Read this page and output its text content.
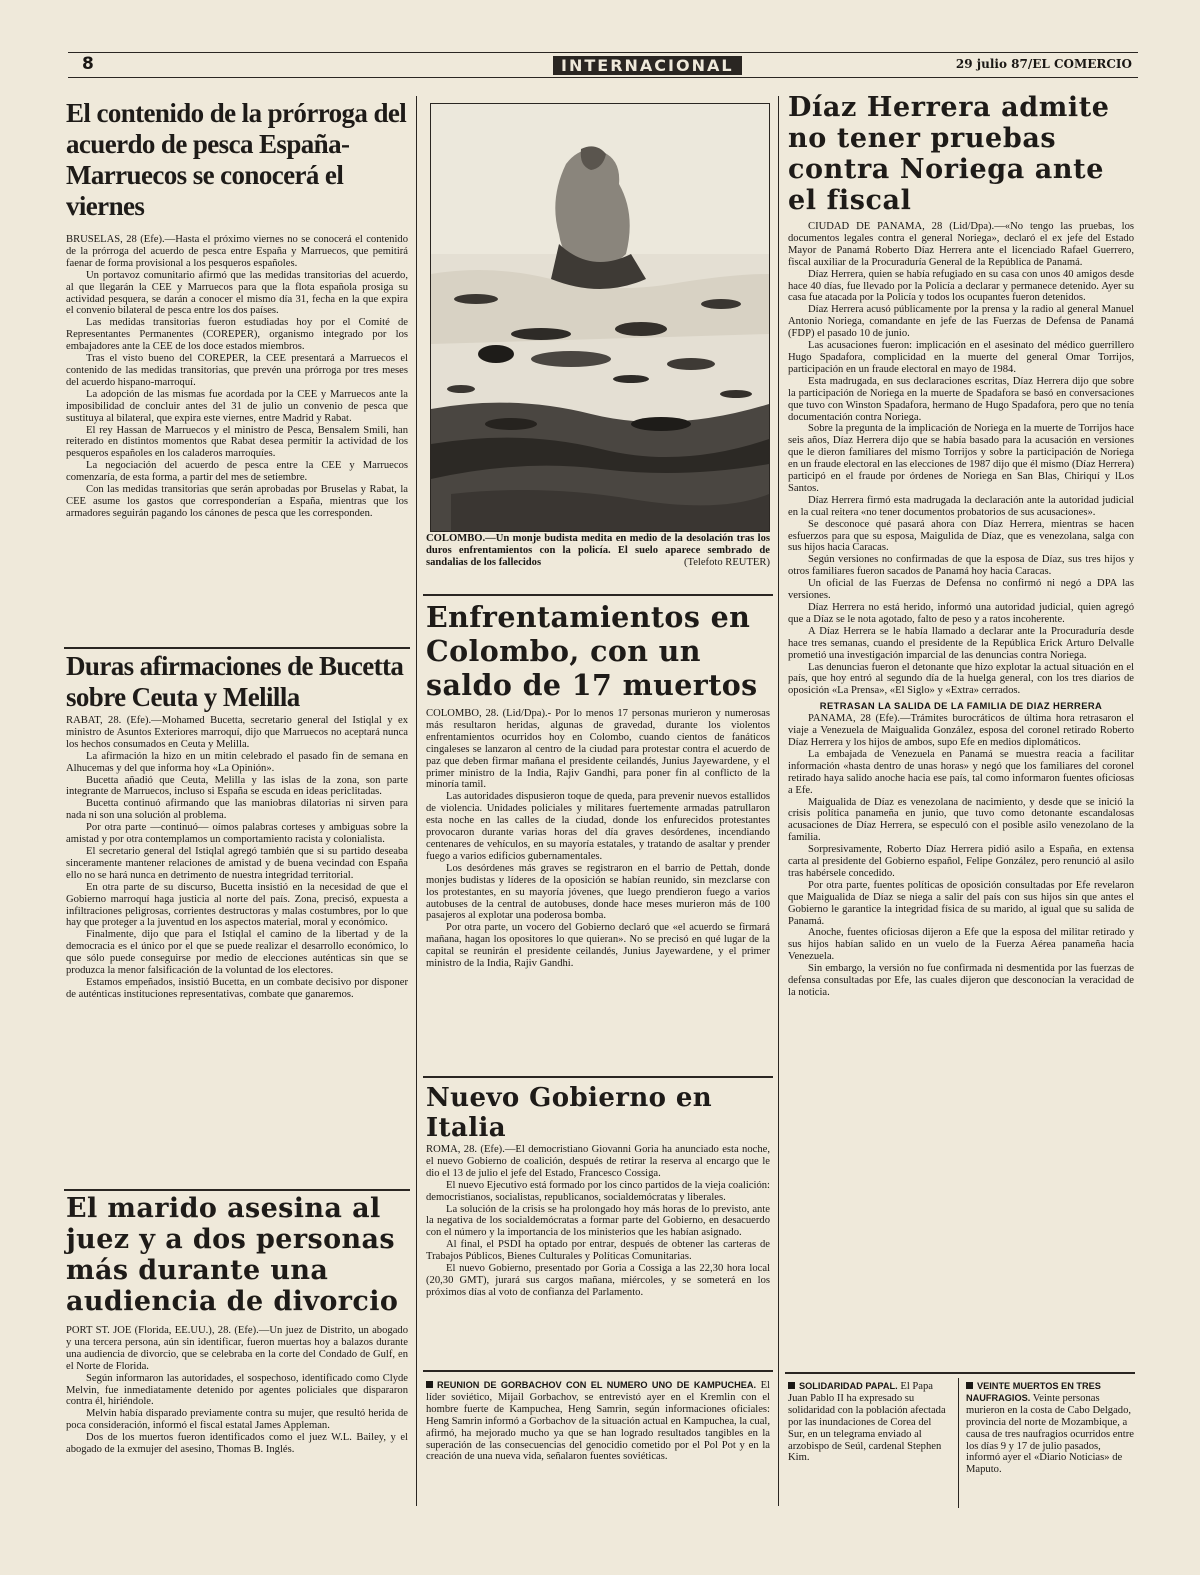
8	INTERNACIONAL	29 julio 87/EL COMERCIO
El contenido de la prórroga del acuerdo de pesca España-Marruecos se conocerá el viernes

BRUSELAS, 28 (Efe).—Hasta el próximo viernes no se conocerá el contenido de la prórroga del acuerdo de pesca entre España y Marruecos, que pemitirá faenar de forma provisional a los pesqueros españoles.

Un portavoz comunitario afirmó que las medidas transitorias del acuerdo, al que llegarán la CEE y Marruecos para que la flota española prosiga su actividad pesquera, se darán a conocer el mismo día 31, fecha en la que expira el convenio bilateral de pesca entre los dos países.

Las medidas transitorias fueron estudiadas hoy por el Comité de Representantes Permanentes (COREPER), organismo integrado por los embajadores ante la CEE de los doce estados miembros.

Tras el visto bueno del COREPER, la CEE presentará a Marruecos el contenido de las medidas transitorias, que prevén una prórroga por tres meses del acuerdo hispano-marroquí.

La adopción de las mismas fue acordada por la CEE y Marruecos ante la imposibilidad de concluir antes del 31 de julio un convenio de pesca que sustituya al bilateral, que expira este viernes, entre Madrid y Rabat.

El rey Hassan de Marruecos y el ministro de Pesca, Bensalem Smili, han reiterado en distintos momentos que Rabat desea permitir la actividad de los pesqueros españoles en los caladeros marroquíes.

La negociación del acuerdo de pesca entre la CEE y Marruecos comenzaría, de esta forma, a partir del mes de setiembre.

Con las medidas transitorias que serán aprobadas por Bruselas y Rabat, la CEE asume los gastos que corresponderían a España, mientras que los armadores seguirán pagando los cánones de pesca que les corresponden.

Duras afirmaciones de Bucetta sobre Ceuta y Melilla

RABAT, 28. (Efe).—Mohamed Bucetta, secretario general del Istiqlal y ex ministro de Asuntos Exteriores marroquí, dijo que Marruecos no aceptará nunca los hechos consumados en Ceuta y Melilla.

La afirmación la hizo en un mitin celebrado el pasado fin de semana en Alhucemas y del que informa hoy «La Opinión».

Bucetta añadió que Ceuta, Melilla y las islas de la zona, son parte integrante de Marruecos, incluso si España se escuda en ideas periclitadas.

Bucetta continuó afirmando que las maniobras dilatorias ni sirven para nada ni son una solución al problema.

Por otra parte —continuó— oímos palabras corteses y ambiguas sobre la amistad y por otra contemplamos un comportamiento racista y colonialista.

El secretario general del Istiqlal agregó también que si su partido deseaba sinceramente mantener relaciones de amistad y de buena vecindad con España ello no se hará nunca en detrimento de nuestra integridad territorial.

En otra parte de su discurso, Bucetta insistió en la necesidad de que el Gobierno marroquí haga justicia al norte del país. Zona, precisó, expuesta a infiltraciones peligrosas, corrientes destructoras y malas costumbres, por lo que hay que proteger a la juventud en los aspectos material, moral y económico.

Finalmente, dijo que para el Istiqlal el camino de la libertad y de la democracia es el único por el que se puede realizar el desarrollo económico, lo que sólo puede conseguirse por medio de elecciones auténticas sin que se produzca la menor falsificación de la voluntad de los electores.

Estamos empeñados, insistió Bucetta, en un combate decisivo por disponer de auténticas instituciones representativas, combate que ganaremos.

El marido asesina al juez y a dos personas más durante una audiencia de divorcio

PORT ST. JOE (Florida, EE.UU.), 28. (Efe).—Un juez de Distrito, un abogado y una tercera persona, aún sin identificar, fueron muertas hoy a balazos durante una audiencia de divorcio, que se celebraba en la corte del Condado de Gulf, en el Norte de Florida.

Según informaron las autoridades, el sospechoso, identificado como Clyde Melvin, fue inmediatamente detenido por agentes policiales que dispararon contra él, hiriéndole.

Melvin había disparado previamente contra su mujer, que resultó herida de poca consideración, informó el fiscal estatal James Appleman.

Dos de los muertos fueron identificados como el juez W.L. Bailey, y el abogado de la exmujer del asesino, Thomas B. Inglés.

COLOMBO.—Un monje budista medita en medio de la desolación tras los duros enfrentamientos con la policía. El suelo aparece sembrado de sandalias de los fallecidos	(Telefoto REUTER)
Enfrentamientos en Colombo, con un saldo de 17 muertos

COLOMBO, 28. (Lid/Dpa).- Por lo menos 17 personas murieron y numerosas más resultaron heridas, algunas de gravedad, durante los violentos enfrentamientos ocurridos hoy en Colombo, cuando cientos de fanáticos cingaleses se lanzaron al centro de la ciudad para protestar contra el acuerdo de paz que deben firmar mañana el presidente ceilandés, Junius Jayewardene, y el primer ministro de la India, Rajiv Gandhi, para poner fin al conflicto de la minoría tamil.

Las autoridades dispusieron toque de queda, para prevenir nuevos estallidos de violencia. Unidades policiales y militares fuertemente armadas patrullaron esta noche en las calles de la ciudad, donde los enfurecidos protestantes provocaron durante varias horas del día graves desórdenes, incendiando centenares de vehículos, en su mayoría estatales, y tratando de asaltar y prender fuego a varios edificios gubernamentales.

Los desórdenes más graves se registraron en el barrio de Pettah, donde monjes budistas y líderes de la oposición se habían reunido, sin mezclarse con los protestantes, en su mayoría jóvenes, que luego prendieron fuego a varios autobuses de la central de autobuses, donde hace meses murieron más de 100 pasajeros al explotar una poderosa bomba.

Por otra parte, un vocero del Gobierno declaró que «el acuerdo se firmará mañana, hagan los opositores lo que quieran». No se precisó en qué lugar de la capital se reunirán el presidente ceilandés, Junius Jayewardene, y el primer ministro de la India, Rajiv Gandhi.

Nuevo Gobierno en Italia

ROMA, 28. (Efe).—El democristiano Giovanni Goria ha anunciado esta noche, el nuevo Gobierno de coalición, después de retirar la reserva al encargo que le dio el 13 de julio el jefe del Estado, Francesco Cossiga.

El nuevo Ejecutivo está formado por los cinco partidos de la vieja coalición: democristianos, socialistas, republicanos, socialdemócratas y liberales.

La solución de la crisis se ha prolongado hoy más horas de lo previsto, ante la negativa de los socialdemócratas a formar parte del Gobierno, en desacuerdo con el número y la importancia de los ministerios que les habían asignado.

Al final, el PSDI ha optado por entrar, después de obtener las carteras de Trabajos Públicos, Bienes Culturales y Políticas Comunitarias.

El nuevo Gobierno, presentado por Goria a Cossiga a las 22,30 hora local (20,30 GMT), jurará sus cargos mañana, miércoles, y se someterá en los próximos días al voto de confianza del Parlamento.

REUNION DE GORBACHOV CON EL NUMERO UNO DE KAMPUCHEA. El líder soviético, Mijail Gorbachov, se entrevistó ayer en el Kremlin con el hombre fuerte de Kampuchea, Heng Samrin, según informaciones oficiales: Heng Samrin informó a Gorbachov de la situación actual en Kampuchea, la cual, afirmó, ha mejorado mucho ya que se han logrado resultados tangibles en la superación de las consecuencias del genocidio cometido por el Pol Pot y en la creación de una nueva vida, señalaron fuentes soviéticas.
Díaz Herrera admite no tener pruebas contra Noriega ante el fiscal

CIUDAD DE PANAMA, 28 (Lid/Dpa).—«No tengo las pruebas, los documentos legales contra el general Noriega», declaró el ex jefe del Estado Mayor de Panamá Roberto Díaz Herrera ante el licenciado Rafael Guerrero, fiscal auxiliar de la Procuraduría General de la República de Panamá.

Díaz Herrera, quien se había refugiado en su casa con unos 40 amigos desde hace 40 días, fue llevado por la Policía a declarar y permanece detenido. Ayer su casa fue atacada por la Policía y todos los ocupantes fueron detenidos.

Díaz Herrera acusó públicamente por la prensa y la radio al general Manuel Antonio Noriega, comandante en jefe de las Fuerzas de Defensa de Panamá (FDP) el pasado 10 de junio.

Las acusaciones fueron: implicación en el asesinato del médico guerrillero Hugo Spadafora, complicidad en la muerte del general Omar Torrijos, participación en un fraude electoral en mayo de 1984.

Esta madrugada, en sus declaraciones escritas, Díaz Herrera dijo que sobre la participación de Noriega en la muerte de Spadafora se basó en conversaciones que tuvo con Winston Spadafora, hermano de Hugo Spadafora, pero que no tenía documentación contra Noriega.

Sobre la pregunta de la implicación de Noriega en la muerte de Torrijos hace seis años, Díaz Herrera dijo que se había basado para la acusación en versiones que le dieron familiares del mismo Torrijos y sobre la participación de Noriega en un fraude electoral en las elecciones de 1987 dijo que él mismo (Díaz Herrera) participó en el fraude por órdenes de Noriega en San Blas, Chiriquí y lLos Santos.

Díaz Herrera firmó esta madrugada la declaración ante la autoridad judicial en la cual reitera «no tener documentos probatorios de sus acusaciones».

Se desconoce qué pasará ahora con Díaz Herrera, mientras se hacen esfuerzos para que su esposa, Maigulida de Díaz, que es venezolana, salga con sus hijos hacia Caracas.

Según versiones no confirmadas de que la esposa de Díaz, sus tres hijos y otros familiares fueron sacados de Panamá hoy hacia Caracas.

Un oficial de las Fuerzas de Defensa no confirmó ni negó a DPA las versiones.

Díaz Herrera no está herido, informó una autoridad judicial, quien agregó que a Díaz se le nota agotado, falto de peso y a ratos incoherente.

A Díaz Herrera se le había llamado a declarar ante la Procuraduría desde hace tres semanas, cuando el presidente de la República Erick Arturo Delvalle prometió una investigación imparcial de las denuncias contra Noriega.

Las denuncias fueron el detonante que hizo explotar la actual situación en el país, que hoy entró al segundo día de la huelga general, con los tres diarios de oposición «La Prensa», «El Siglo» y «Extra» cerrados.

RETRASAN LA SALIDA DE LA FAMILIA DE DIAZ HERRERA

PANAMA, 28 (Efe).—Trámites burocráticos de última hora retrasaron el viaje a Venezuela de Maigualida González, esposa del coronel retirado Roberto Díaz Herrera y los hijos de ambos, supo Efe en medios diplomáticos.

La embajada de Venezuela en Panamá se muestra reacia a facilitar información «hasta dentro de unas horas» y negó que los familiares del coronel retirado haya salido anoche hacia ese país, tal como informaron fuentes oficiosas a Efe.

Maigualida de Díaz es venezolana de nacimiento, y desde que se inició la crisis política panameña en junio, que tuvo como detonante escandalosas acusaciones de Díaz Herrera, se especuló con el posible asilo venezolano de la familia.

Sorpresivamente, Roberto Díaz Herrera pidió asilo a España, en extensa carta al presidente del Gobierno español, Felipe González, pero renunció al asilo tras habérsele concedido.

Por otra parte, fuentes políticas de oposición consultadas por Efe revelaron que Maigualida de Díaz se niega a salir del país con sus hijos sin que antes el Gobierno le garantice la integridad física de su marido, al igual que su salida de Panamá.

Anoche, fuentes oficiosas dijeron a Efe que la esposa del militar retirado y sus hijos habían salido en un vuelo de la Fuerza Aérea panameña hacia Venezuela.

Sin embargo, la versión no fue confirmada ni desmentida por las fuerzas de defensa consultadas por Efe, las cuales dijeron que desconocían la veracidad de la noticia.

SOLIDARIDAD PAPAL. El Papa Juan Pablo II ha expresado su solidaridad con la población afectada por las inundaciones de Corea del Sur, en un telegrama enviado al arzobispo de Seúl, cardenal Stephen Kim.
VEINTE MUERTOS EN TRES NAUFRAGIOS. Veinte personas murieron en la costa de Cabo Delgado, provincia del norte de Mozambique, a causa de tres naufragios ocurridos entre los días 9 y 17 de julio pasados, informó ayer el «Diario Noticias» de Maputo.
